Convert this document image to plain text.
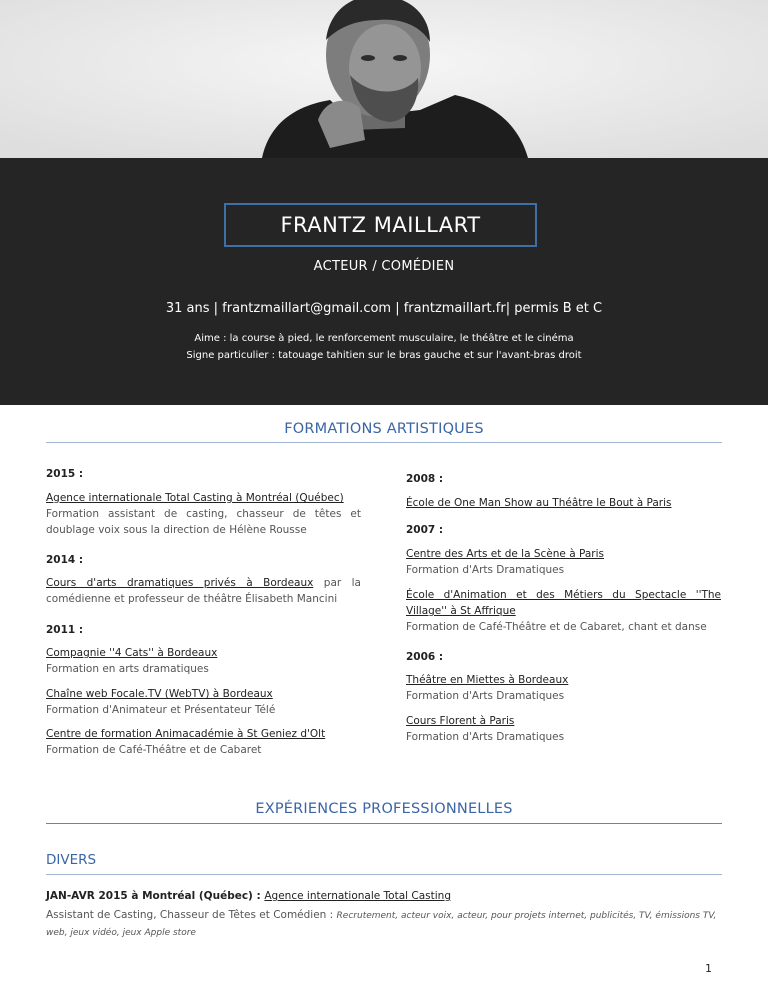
FRANTZ MAILLART
ACTEUR / COMÉDIEN
31 ans | frantzmaillart@gmail.com | frantzmaillart.fr| permis B et C
Aime : la course à pied, le renforcement musculaire, le théâtre et le cinéma
Signe particulier : tatouage tahitien sur le bras gauche et sur l'avant-bras droit
FORMATIONS ARTISTIQUES
2015 :
Agence internationale Total Casting à Montréal (Québec)
Formation assistant de casting, chasseur de têtes et doublage voix sous la direction de Hélène Rousse
2014 :
Cours d'arts dramatiques privés à Bordeaux par la comédienne et professeur de théâtre Élisabeth Mancini
2011 :
Compagnie ''4 Cats'' à Bordeaux
Formation en arts dramatiques
Chaîne web Focale.TV (WebTV) à Bordeaux
Formation d'Animateur et Présentateur Télé
Centre de formation Animacadémie à St Geniez d'Olt
Formation de Café-Théâtre et de Cabaret
2008 :
École de One Man Show au Théâtre le Bout à Paris
2007 :
Centre des Arts et de la Scène à Paris
Formation d'Arts Dramatiques
École d'Animation et des Métiers du Spectacle ''The Village'' à St Affrique
Formation de Café-Théâtre et de Cabaret, chant et danse
2006 :
Théâtre en Miettes à Bordeaux
Formation d'Arts Dramatiques
Cours Florent à Paris
Formation d'Arts Dramatiques
EXPÉRIENCES PROFESSIONNELLES
DIVERS
JAN-AVR 2015 à Montréal (Québec) : Agence internationale Total Casting
Assistant de Casting, Chasseur de Têtes et Comédien : Recrutement, acteur voix, acteur, pour projets internet, publicités, TV, émissions TV, web, jeux vidéo, jeux Apple store
1
